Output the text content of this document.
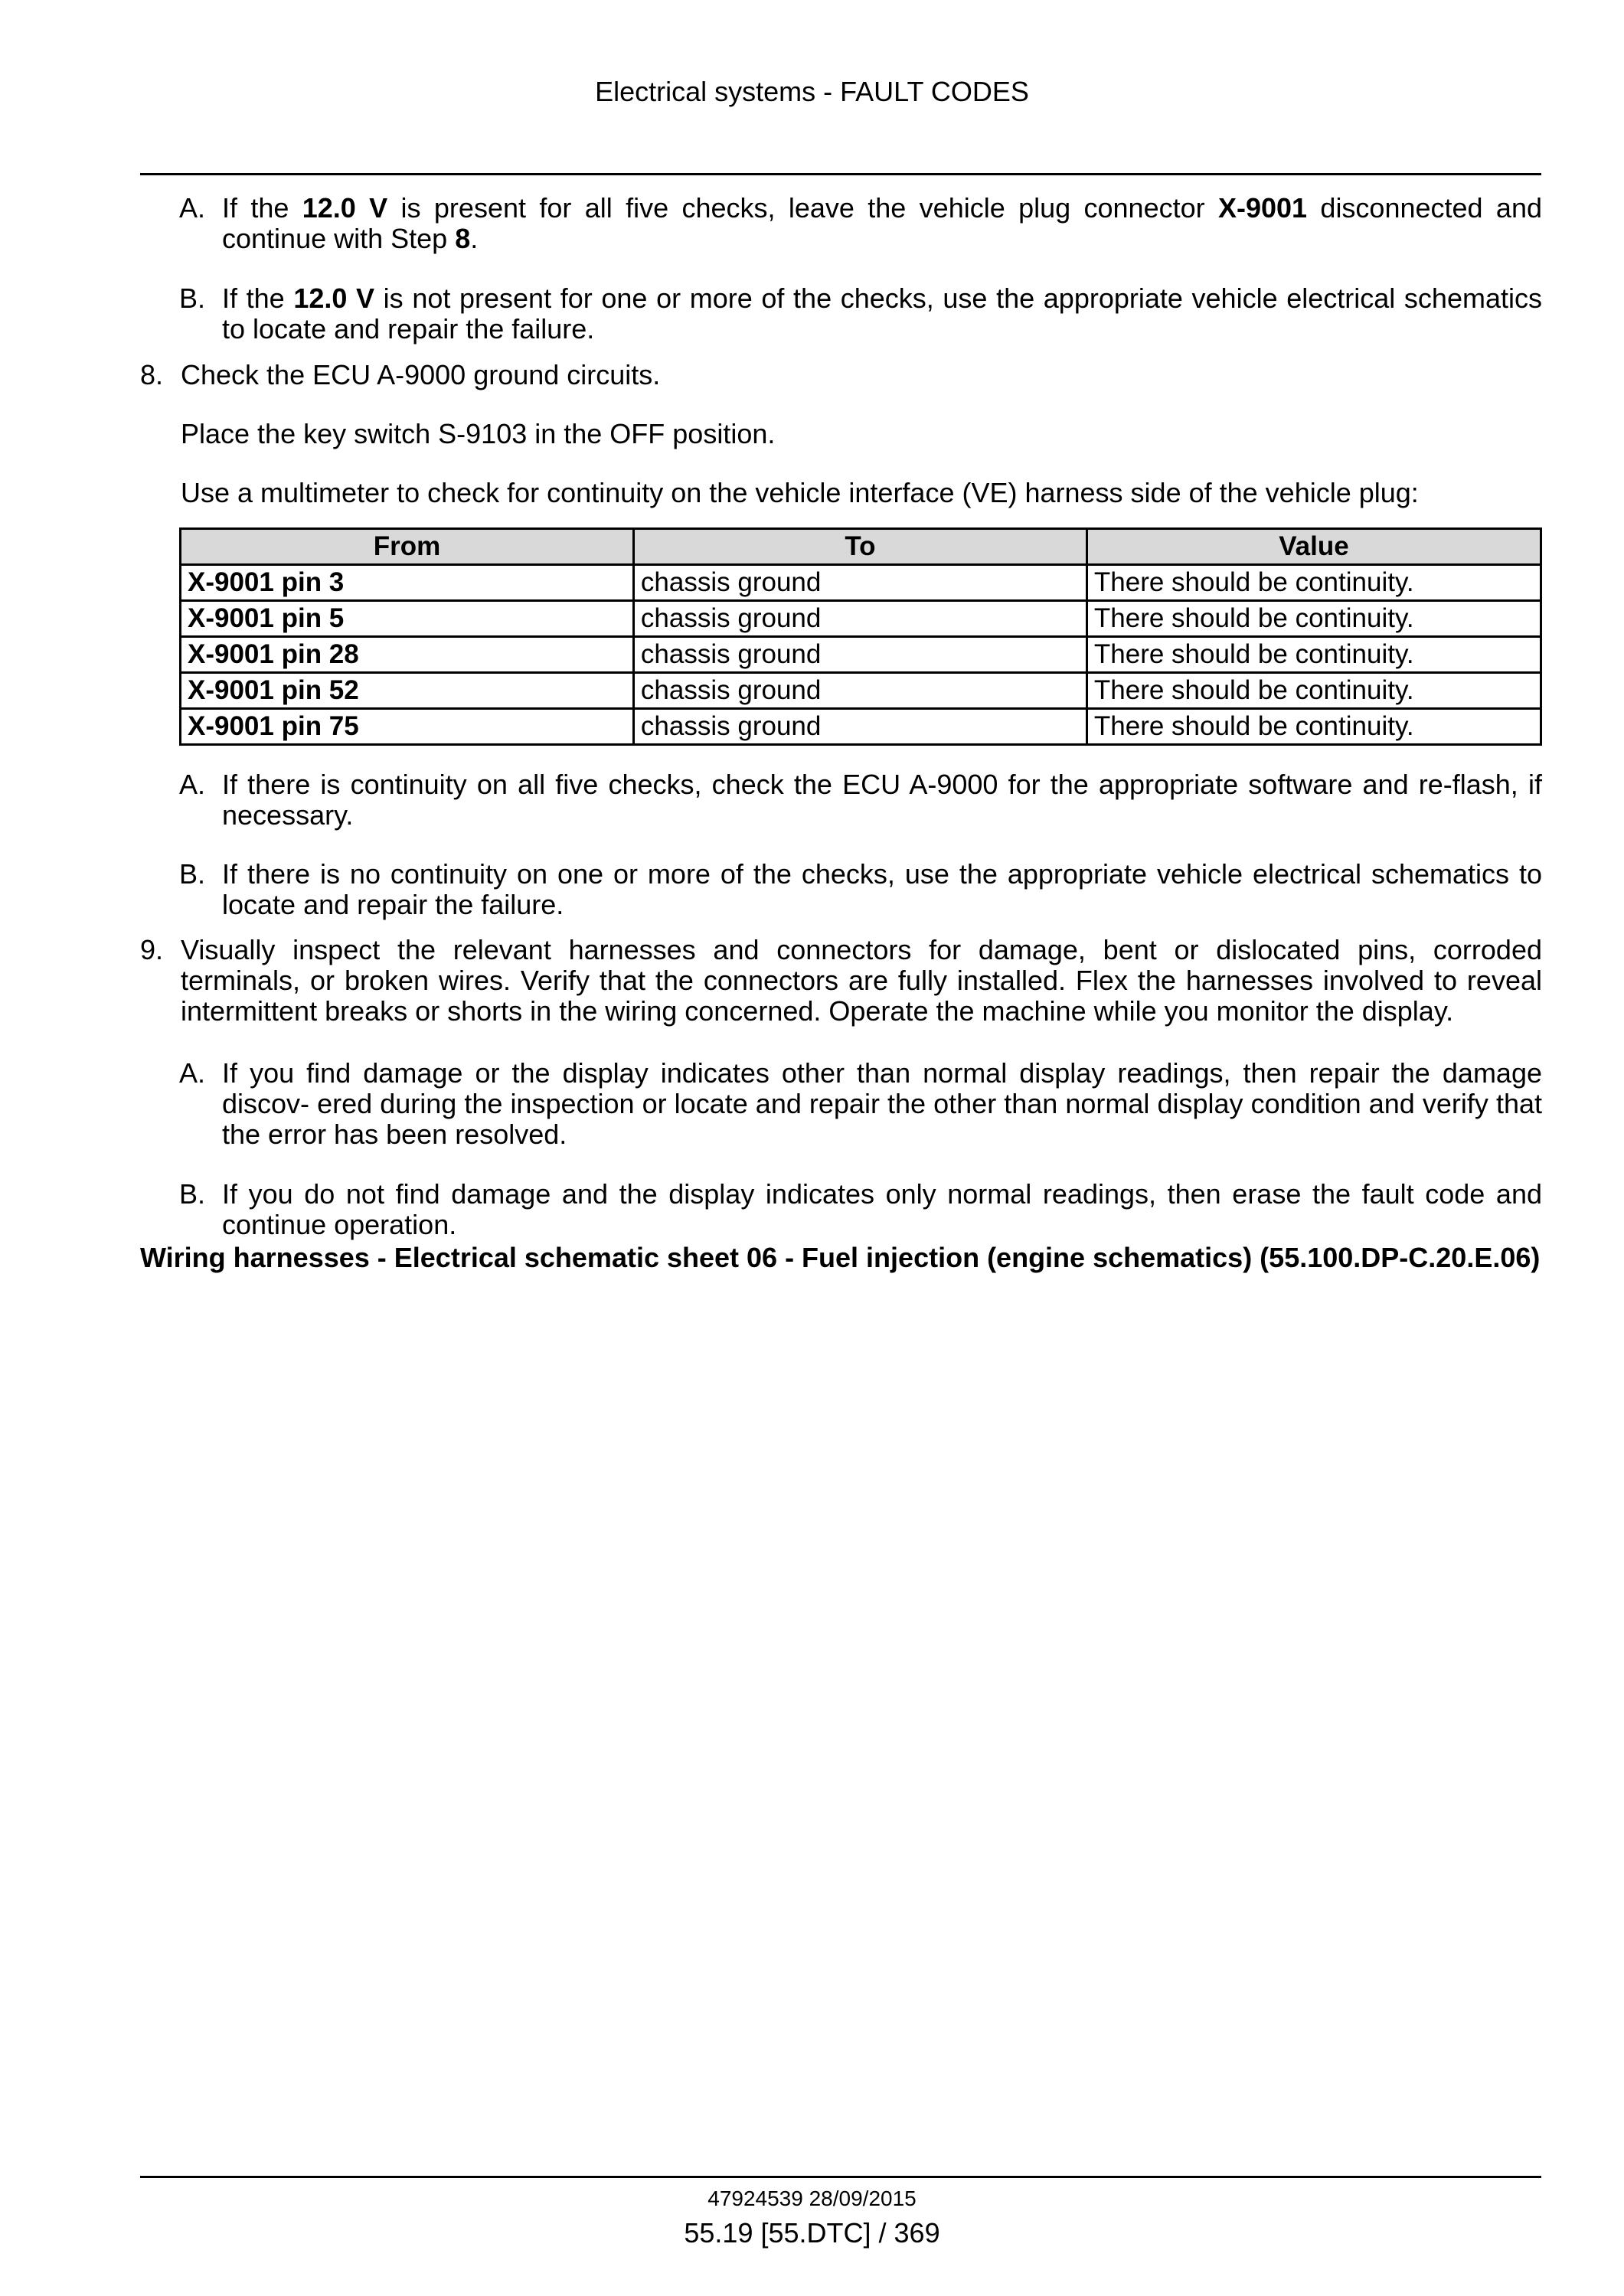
Electrical systems - FAULT CODES
A. If the 12.0 V is present for all five checks, leave the vehicle plug connector X-9001 disconnected and continue with Step 8.
B. If the 12.0 V is not present for one or more of the checks, use the appropriate vehicle electrical schematics to locate and repair the failure.
8. Check the ECU A-9000 ground circuits.
Place the key switch S-9103 in the OFF position.
Use a multimeter to check for continuity on the vehicle interface (VE) harness side of the vehicle plug:
From	To	Value
X-9001 pin 3	chassis ground	There should be continuity.
X-9001 pin 5	chassis ground	There should be continuity.
X-9001 pin 28	chassis ground	There should be continuity.
X-9001 pin 52	chassis ground	There should be continuity.
X-9001 pin 75	chassis ground	There should be continuity.
A. If there is continuity on all five checks, check the ECU A-9000 for the appropriate software and re-flash, if necessary.
B. If there is no continuity on one or more of the checks, use the appropriate vehicle electrical schematics to locate and repair the failure.
9. Visually inspect the relevant harnesses and connectors for damage, bent or dislocated pins, corroded terminals, or broken wires. Verify that the connectors are fully installed. Flex the harnesses involved to reveal intermittent breaks or shorts in the wiring concerned. Operate the machine while you monitor the display.
A. If you find damage or the display indicates other than normal display readings, then repair the damage discov- ered during the inspection or locate and repair the other than normal display condition and verify that the error has been resolved.
B. If you do not find damage and the display indicates only normal readings, then erase the fault code and continue operation.
Wiring harnesses - Electrical schematic sheet 06 - Fuel injection (engine schematics) (55.100.DP-C.20.E.06)
47924539 28/09/2015
55.19 [55.DTC] / 369
